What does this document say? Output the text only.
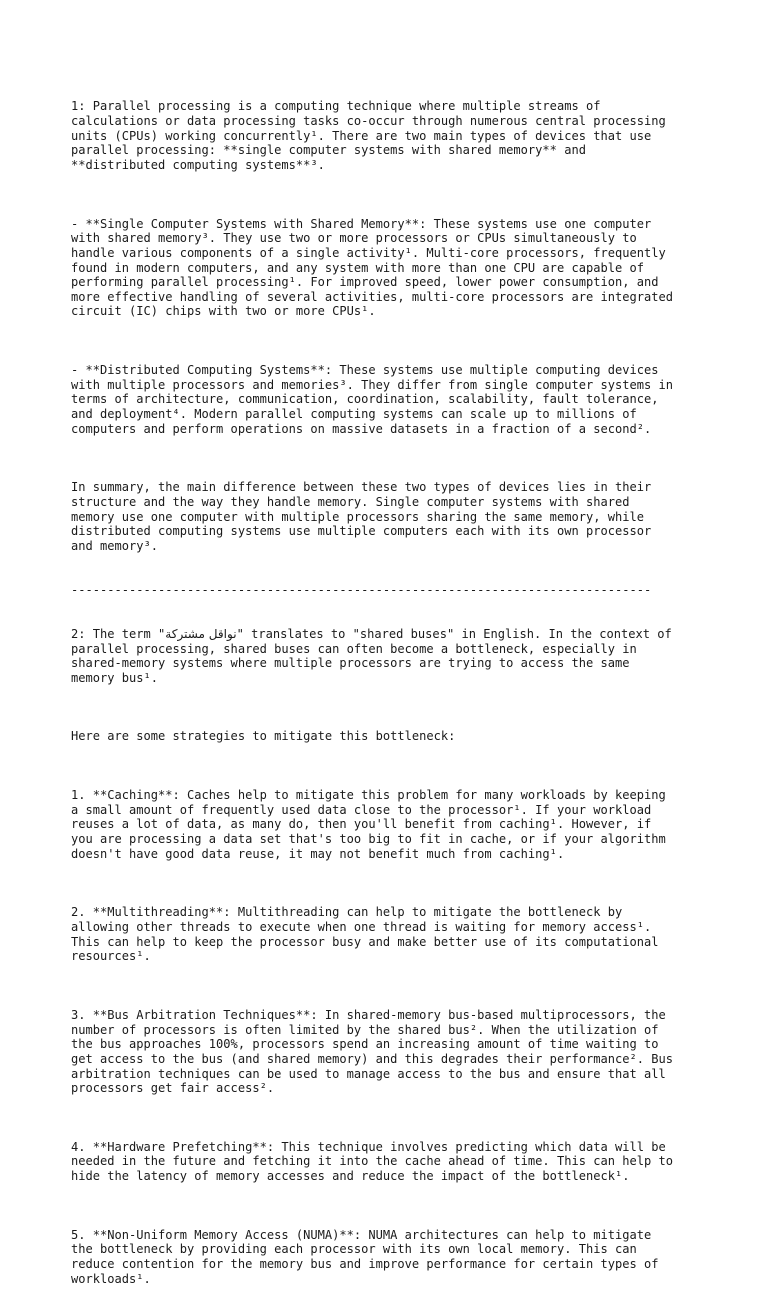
1: Parallel processing is a computing technique where multiple streams of
calculations or data processing tasks co-occur through numerous central processing
units (CPUs) working concurrently¹. There are two main types of devices that use
parallel processing: **single computer systems with shared memory** and
**distributed computing systems**³.

- **Single Computer Systems with Shared Memory**: These systems use one computer
with shared memory³. They use two or more processors or CPUs simultaneously to
handle various components of a single activity¹. Multi-core processors, frequently
found in modern computers, and any system with more than one CPU are capable of
performing parallel processing¹. For improved speed, lower power consumption, and
more effective handling of several activities, multi-core processors are integrated
circuit (IC) chips with two or more CPUs¹.

- **Distributed Computing Systems**: These systems use multiple computing devices
with multiple processors and memories³. They differ from single computer systems in
terms of architecture, communication, coordination, scalability, fault tolerance,
and deployment⁴. Modern parallel computing systems can scale up to millions of
computers and perform operations on massive datasets in a fraction of a second².

In summary, the main difference between these two types of devices lies in their
structure and the way they handle memory. Single computer systems with shared
memory use one computer with multiple processors sharing the same memory, while
distributed computing systems use multiple computers each with its own processor
and memory³.

--------------------------------------------------------------------------------

2: The term "نواقل مشتركة" translates to "shared buses" in English. In the context of
parallel processing, shared buses can often become a bottleneck, especially in
shared-memory systems where multiple processors are trying to access the same
memory bus¹.

Here are some strategies to mitigate this bottleneck:

1. **Caching**: Caches help to mitigate this problem for many workloads by keeping
a small amount of frequently used data close to the processor¹. If your workload
reuses a lot of data, as many do, then you'll benefit from caching¹. However, if
you are processing a data set that's too big to fit in cache, or if your algorithm
doesn't have good data reuse, it may not benefit much from caching¹.

2. **Multithreading**: Multithreading can help to mitigate the bottleneck by
allowing other threads to execute when one thread is waiting for memory access¹.
This can help to keep the processor busy and make better use of its computational
resources¹.

3. **Bus Arbitration Techniques**: In shared-memory bus-based multiprocessors, the
number of processors is often limited by the shared bus². When the utilization of
the bus approaches 100%, processors spend an increasing amount of time waiting to
get access to the bus (and shared memory) and this degrades their performance². Bus
arbitration techniques can be used to manage access to the bus and ensure that all
processors get fair access².

4. **Hardware Prefetching**: This technique involves predicting which data will be
needed in the future and fetching it into the cache ahead of time. This can help to
hide the latency of memory accesses and reduce the impact of the bottleneck¹.

5. **Non-Uniform Memory Access (NUMA)**: NUMA architectures can help to mitigate
the bottleneck by providing each processor with its own local memory. This can
reduce contention for the memory bus and improve performance for certain types of
workloads¹.
